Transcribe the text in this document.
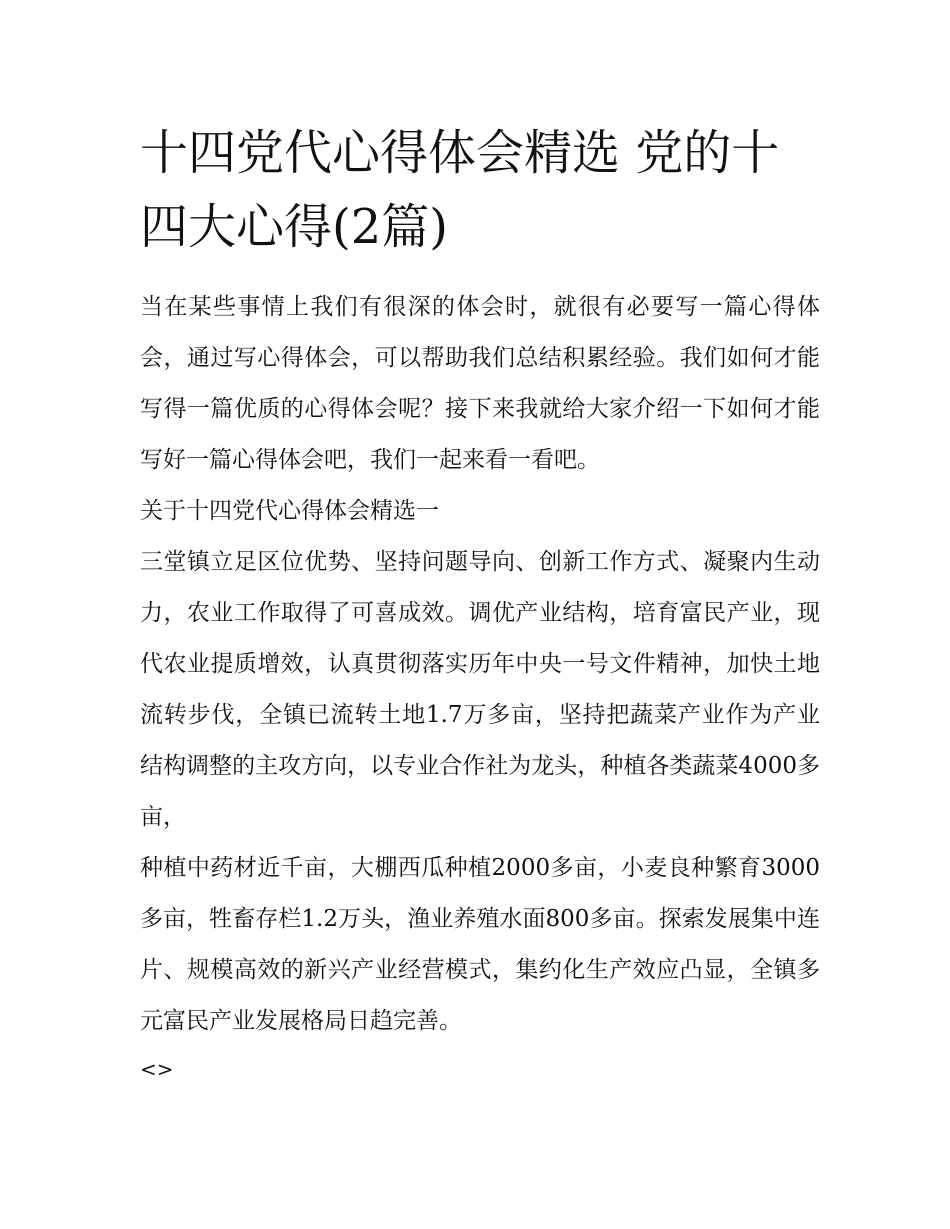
十四党代心得体会精选 党的十四大心得(2篇)

当在某些事情上我们有很深的体会时，就很有必要写一篇心得体会，通过写心得体会，可以帮助我们总结积累经验。我们如何才能写得一篇优质的心得体会呢？接下来我就给大家介绍一下如何才能写好一篇心得体会吧，我们一起来看一看吧。

关于十四党代心得体会精选一

三堂镇立足区位优势、坚持问题导向、创新工作方式、凝聚内生动力，农业工作取得了可喜成效。调优产业结构，培育富民产业，现代农业提质增效，认真贯彻落实历年中央一号文件精神，加快土地流转步伐，全镇已流转土地1.7万多亩，坚持把蔬菜产业作为产业结构调整的主攻方向，以专业合作社为龙头，种植各类蔬菜4000多亩，

种植中药材近千亩，大棚西瓜种植2000多亩，小麦良种繁育3000多亩，牲畜存栏1.2万头，渔业养殖水面800多亩。探索发展集中连片、规模高效的新兴产业经营模式，集约化生产效应凸显，全镇多元富民产业发展格局日趋完善。

<>
